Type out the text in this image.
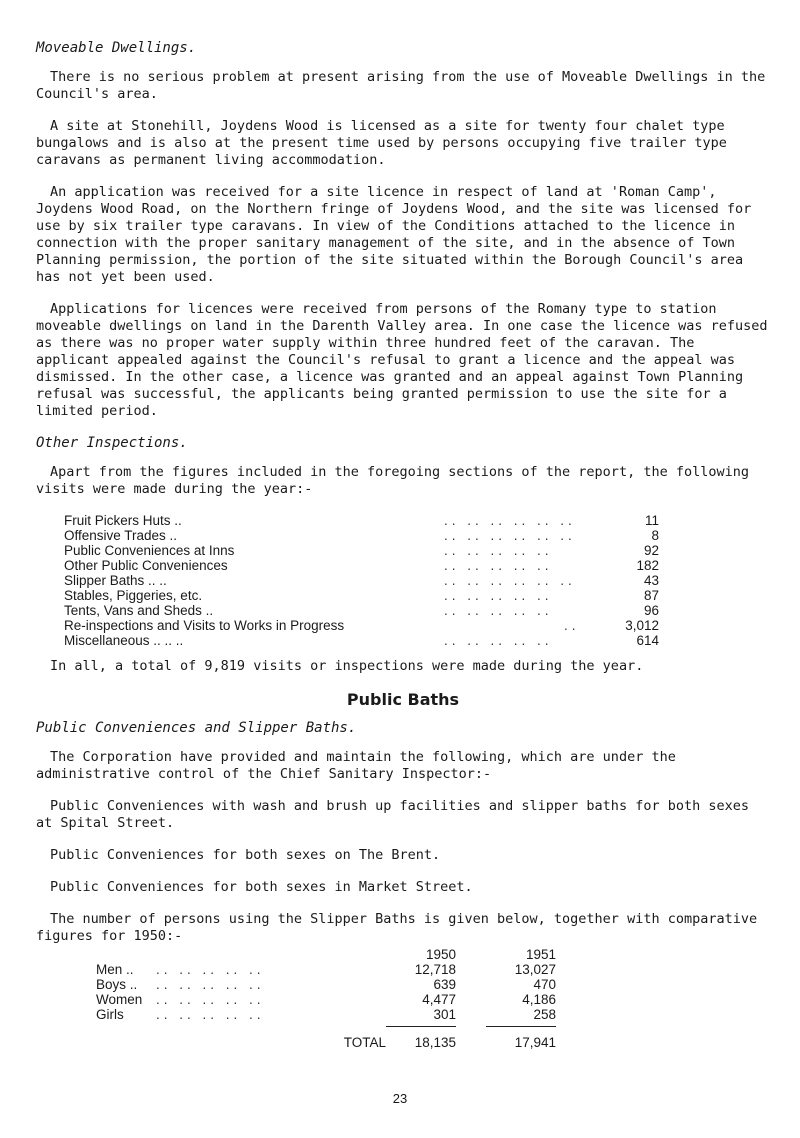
Moveable Dwellings.

There is no serious problem at present arising from the use of Moveable Dwellings in the Council's area.

A site at Stonehill, Joydens Wood is licensed as a site for twenty four chalet type bungalows and is also at the present time used by persons occupying five trailer type caravans as permanent living accommodation.

An application was received for a site licence in respect of land at 'Roman Camp', Joydens Wood Road, on the Northern fringe of Joydens Wood, and the site was licensed for use by six trailer type caravans. In view of the Conditions attached to the licence in connection with the proper sanitary management of the site, and in the absence of Town Planning permission, the portion of the site situated within the Borough Council's area has not yet been used.

Applications for licences were received from persons of the Romany type to station moveable dwellings on land in the Darenth Valley area. In one case the licence was refused as there was no proper water supply within three hundred feet of the caravan. The applicant appealed against the Council's refusal to grant a licence and the appeal was dismissed. In the other case, a licence was granted and an appeal against Town Planning refusal was successful, the applicants being granted permission to use the site for a limited period.

Other Inspections.

Apart from the figures included in the foregoing sections of the report, the following visits were made during the year:-

Fruit Pickers Huts ..	.. .. .. .. .. ..	11
Offensive Trades ..	.. .. .. .. .. ..	8
Public Conveniences at Inns	.. .. .. .. ..	92
Other Public Conveniences	.. .. .. .. ..	182
Slipper Baths .. ..	.. .. .. .. .. ..	43
Stables, Piggeries, etc.	.. .. .. .. ..	87
Tents, Vans and Sheds ..	.. .. .. .. ..	96
Re-inspections and Visits to Works in Progress	..	3,012
Miscellaneous .. .. ..	.. .. .. .. ..	614

In all, a total of 9,819 visits or inspections were made during the year.

Public Baths
Public Conveniences and Slipper Baths.

The Corporation have provided and maintain the following, which are under the administrative control of the Chief Sanitary Inspector:-

Public Conveniences with wash and brush up facilities and slipper baths for both sexes at Spital Street.

Public Conveniences for both sexes on The Brent.

Public Conveniences for both sexes in Market Street.

The number of persons using the Slipper Baths is given below, together with comparative figures for 1950:-

1950	1951
Men ..	.. .. .. .. ..	12,718	13,027
Boys ..	.. .. .. .. ..	639	470
Women	.. .. .. .. ..	4,477	4,186
Girls	.. .. .. .. ..	301	258
TOTAL	18,135	17,941
23
